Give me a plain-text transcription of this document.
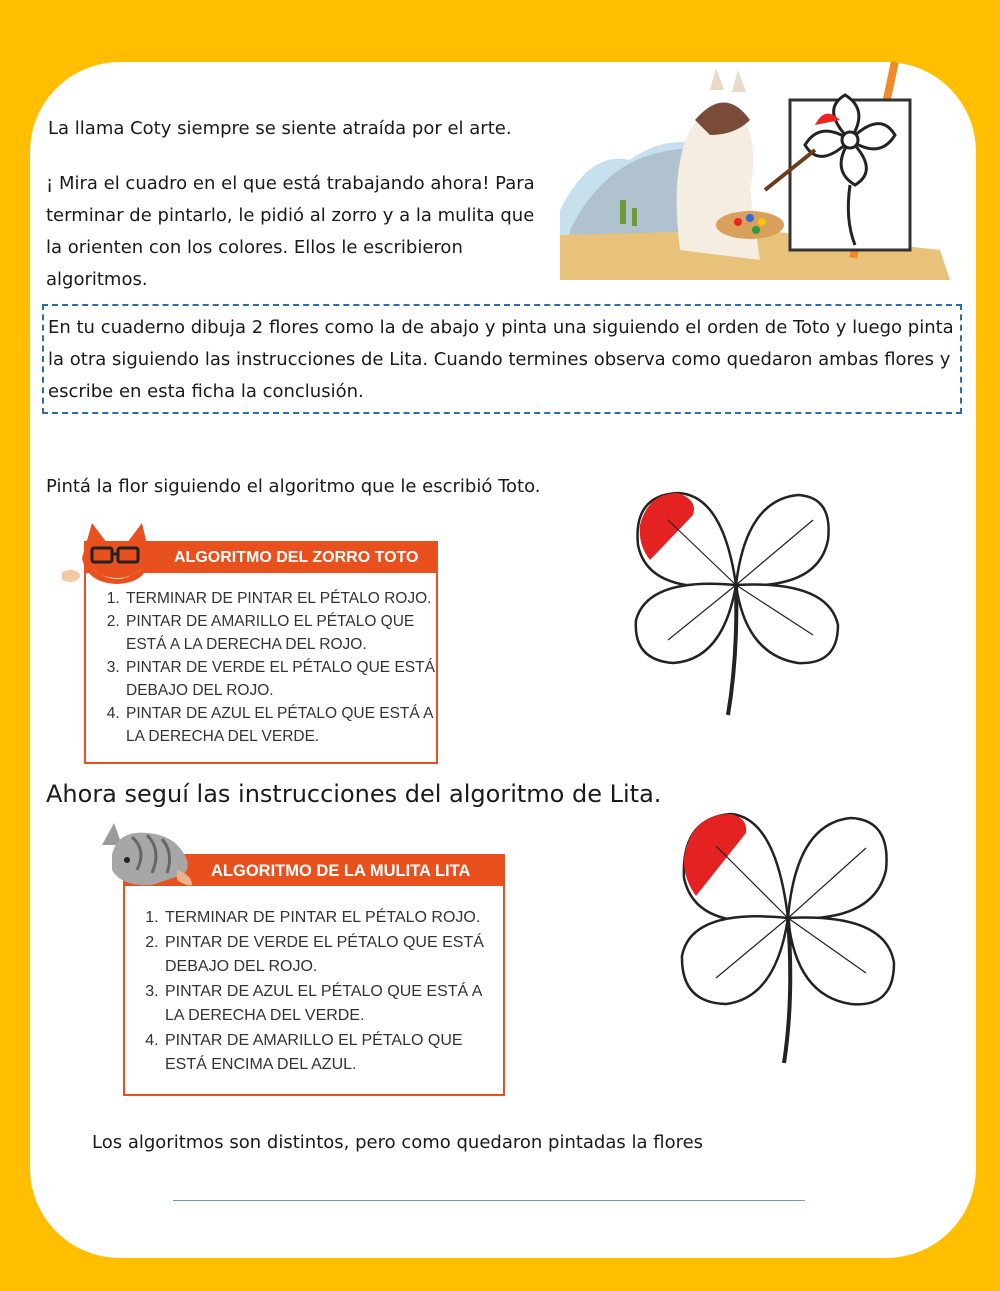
La llama Coty siempre se siente atraída por el arte.
¡ Mira el cuadro en el que está trabajando ahora! Para terminar de pintarlo, le pidió al zorro y a la mulita que la orienten con los colores. Ellos le escribieron algoritmos.
En tu cuaderno dibuja 2 flores como la de abajo y pinta una siguiendo el orden de Toto y luego pinta la otra siguiendo las instrucciones de Lita. Cuando termines observa como quedaron ambas flores y escribe en esta ficha la conclusión.
Pintá la flor siguiendo el algoritmo que le escribió Toto.
ALGORITMO DEL ZORRO TOTO
1. TERMINAR DE PINTAR EL PÉTALO ROJO.
2. PINTAR DE AMARILLO EL PÉTALO QUE ESTÁ A LA DERECHA DEL ROJO.
3. PINTAR DE VERDE EL PÉTALO QUE ESTÁ DEBAJO DEL ROJO.
4. PINTAR DE AZUL EL PÉTALO QUE ESTÁ A LA DERECHA DEL VERDE.
Ahora seguí las instrucciones del algoritmo de Lita.
ALGORITMO DE LA MULITA LITA
1. TERMINAR DE PINTAR EL PÉTALO ROJO.
2. PINTAR DE VERDE EL PÉTALO QUE ESTÁ DEBAJO DEL ROJO.
3. PINTAR DE AZUL EL PÉTALO QUE ESTÁ A LA DERECHA DEL VERDE.
4. PINTAR DE AMARILLO EL PÉTALO QUE ESTÁ ENCIMA DEL AZUL.
Los algoritmos son distintos, pero como quedaron pintadas la flores
